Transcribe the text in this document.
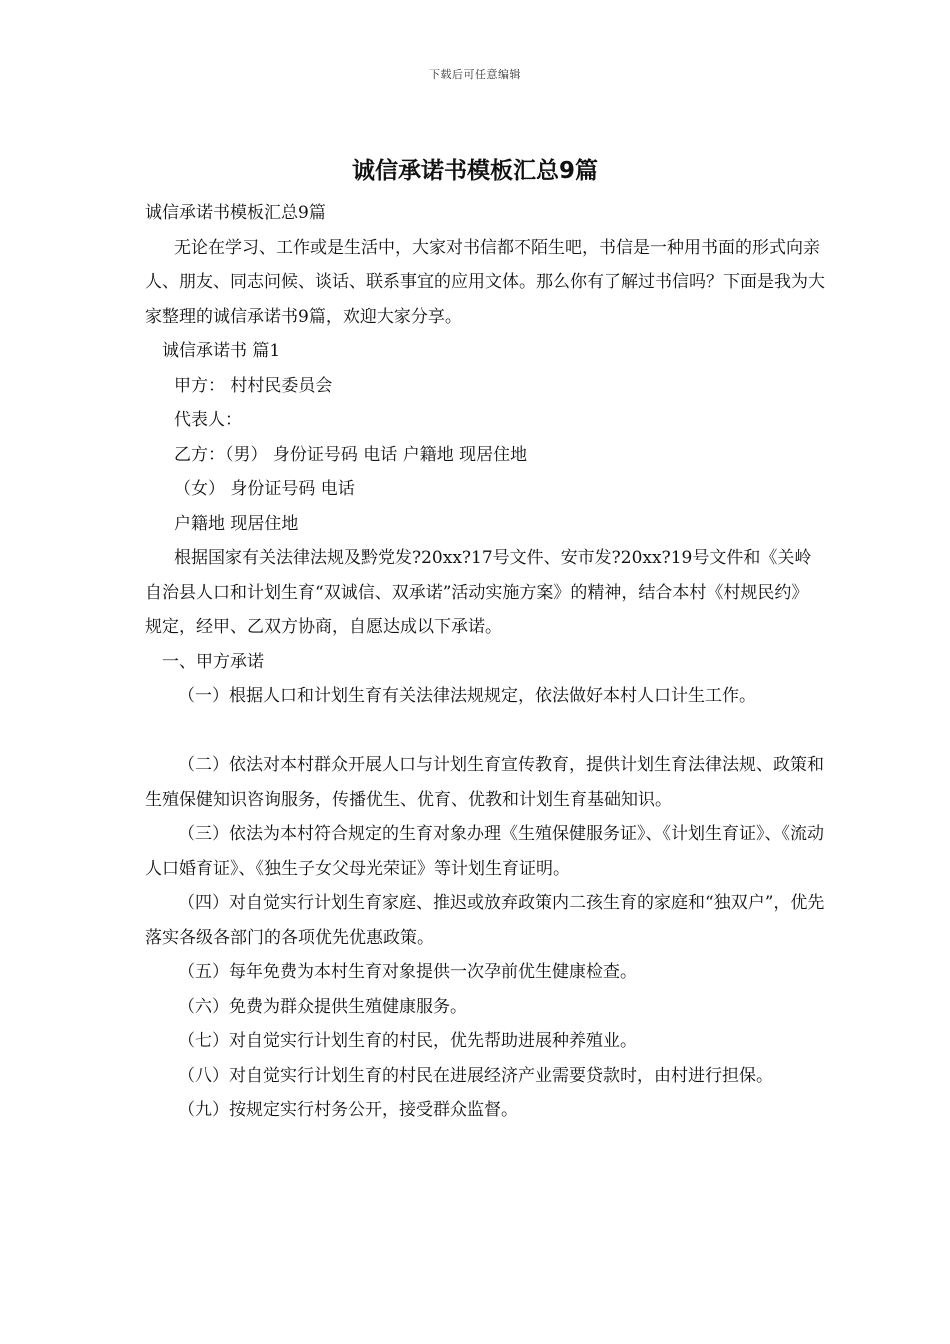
下载后可任意编辑
诚信承诺书模板汇总9篇

诚信承诺书模板汇总9篇

无论在学习、工作或是生活中，大家对书信都不陌生吧，书信是一种用书面的形式向亲人、朋友、同志问候、谈话、联系事宜的应用文体。那么你有了解过书信吗？下面是我为大家整理的诚信承诺书9篇，欢迎大家分享。

诚信承诺书 篇1

甲方： 村村民委员会

代表人：

乙方：（男） 身份证号码 电话 户籍地 现居住地

（女） 身份证号码 电话

户籍地 现居住地

根据国家有关法律法规及黔党发?20xx?17号文件、安市发?20xx?19号文件和《关岭自治县人口和计划生育“双诚信、双承诺”活动实施方案》的精神，结合本村《村规民约》规定，经甲、乙双方协商，自愿达成以下承诺。

一、甲方承诺

（一）根据人口和计划生育有关法律法规规定，依法做好本村人口计生工作。

（二）依法对本村群众开展人口与计划生育宣传教育，提供计划生育法律法规、政策和生殖保健知识咨询服务，传播优生、优育、优教和计划生育基础知识。

（三）依法为本村符合规定的生育对象办理《生殖保健服务证》、《计划生育证》、《流动人口婚育证》、《独生子女父母光荣证》等计划生育证明。

（四）对自觉实行计划生育家庭、推迟或放弃政策内二孩生育的家庭和“独双户”，优先落实各级各部门的各项优先优惠政策。

（五）每年免费为本村生育对象提供一次孕前优生健康检查。

（六）免费为群众提供生殖健康服务。

（七）对自觉实行计划生育的村民，优先帮助进展种养殖业。

（八）对自觉实行计划生育的村民在进展经济产业需要贷款时，由村进行担保。

（九）按规定实行村务公开，接受群众监督。
